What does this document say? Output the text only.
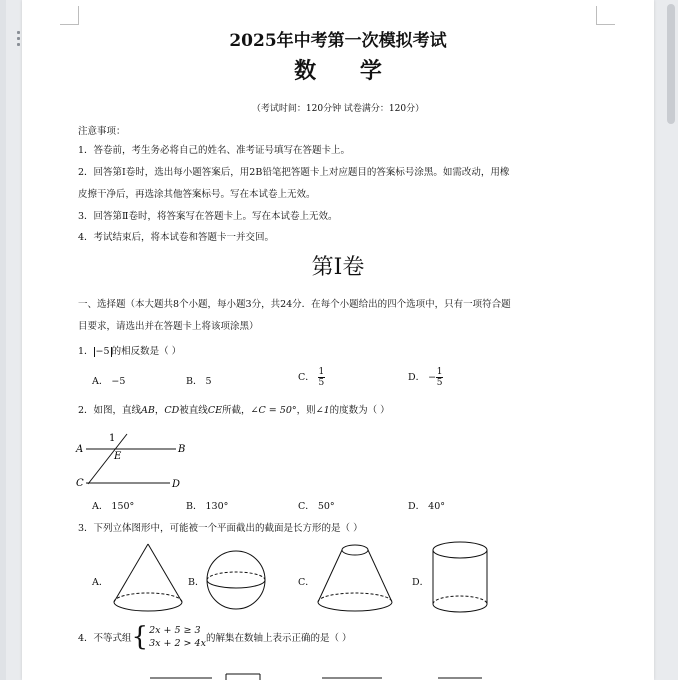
2025年中考第一次模拟考试
数 学
（考试时间：120分钟 试卷满分：120分）
注意事项：
1．答卷前，考生务必将自己的姓名、准考证号填写在答题卡上。
2．回答第Ⅰ卷时，选出每小题答案后，用2B铅笔把答题卡上对应题目的答案标号涂黑。如需改动，用橡
皮擦干净后，再选涂其他答案标号。写在本试卷上无效。
3．回答第Ⅱ卷时，将答案写在答题卡上。写在本试卷上无效。
4．考试结束后，将本试卷和答题卡一并交回。
第Ⅰ卷
一、选择题（本大题共8个小题，每小题3分，共24分．在每个小题给出的四个选项中，只有一项符合题
目要求，请选出并在答题卡上将该项涂黑）
1． −5 的相反数是（ ）
A． −5	B． 5	C． $\frac{1}{5}$	D． − $\frac{1}{5}$
2．如图，直线AB，CD被直线CE所截，∠C = 50°，则∠1的度数为（ ）
A	B
C	D
E
1
A． 150°	B． 130°	C． 50°	D． 40°
3．下列立体图形中，可能被一个平面截出的截面是长方形的是（ ）
A．	B．	C．	D．
4．不等式组 { 2x + 5 ≥ 3
3x + 2 > 4x 的解集在数轴上表示正确的是（ ）
